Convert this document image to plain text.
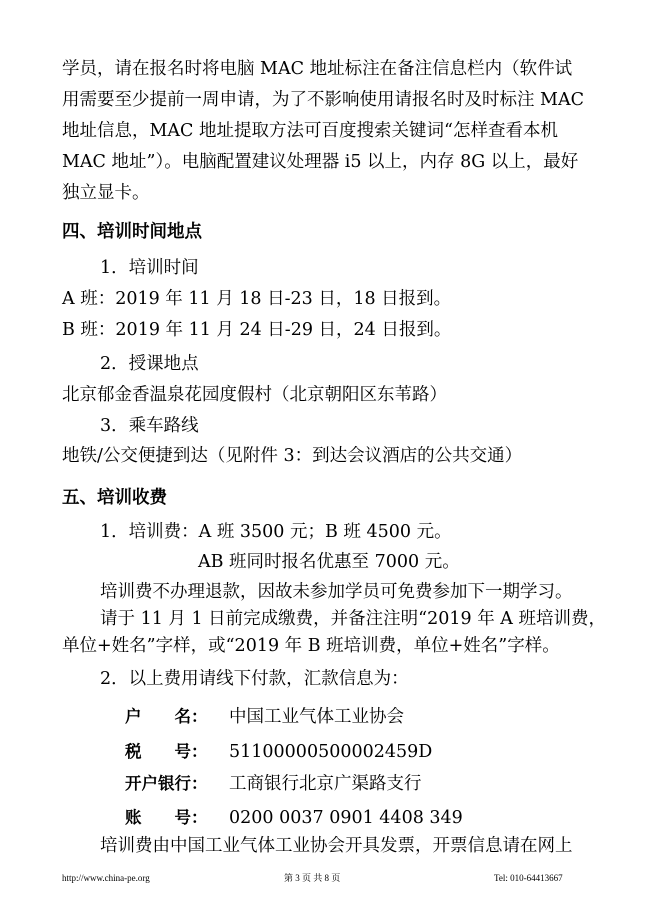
学员，请在报名时将电脑 MAC 地址标注在备注信息栏内（软件试
用需要至少提前一周申请，为了不影响使用请报名时及时标注 MAC
地址信息，MAC 地址提取方法可百度搜索关键词“怎样查看本机
MAC 地址”）。电脑配置建议处理器 i5 以上，内存 8G 以上，最好
独立显卡。
四、培训时间地点
1．培训时间
A 班：2019 年 11 月 18 日-23 日，18 日报到。
B 班：2019 年 11 月 24 日-29 日，24 日报到。
2．授课地点
北京郁金香温泉花园度假村（北京朝阳区东苇路）
3．乘车路线
地铁/公交便捷到达（见附件 3：到达会议酒店的公共交通）
五、培训收费
1．培训费：A 班 3500 元；B 班 4500 元。
AB 班同时报名优惠至 7000 元。
培训费不办理退款，因故未参加学员可免费参加下一期学习。
请于 11 月 1 日前完成缴费，并备注注明“2019 年 A 班培训费，
单位+姓名”字样，或“2019 年 B 班培训费，单位+姓名”字样。
2．以上费用请线下付款，汇款信息为：
户　　名： 中国工业气体工业协会
税　　号： 51100000500002459D
开户银行： 工商银行北京广渠路支行
账　　号： 0200 0037 0901 4408 349
培训费由中国工业气体工业协会开具发票，开票信息请在网上
http://www.china-pe.org	第 3 页 共 8 页	Tel: 010-64413667
